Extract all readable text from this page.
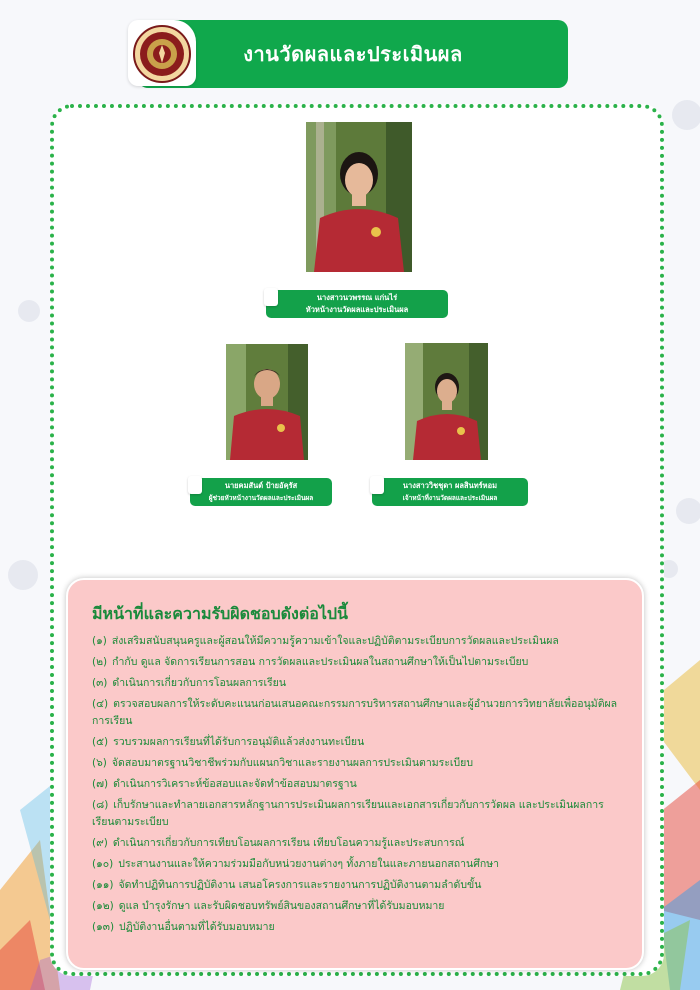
งานวัดผลและประเมินผล
นางสาวนวพรรณ แก่นไร่
หัวหน้างานวัดผลและประเมินผล
นายคมสันต์ ป้ายอัคฺรัส
ผู้ช่วยหัวหน้างานวัดผลและประเมินผล
นางสาววิชชุดา ผลสินทร์หอม
เจ้าหน้าที่งานวัดผลและประเมินผล
มีหน้าที่และความรับผิดชอบดังต่อไปนี้
(๑) ส่งเสริมสนับสนุนครูและผู้สอนให้มีความรู้ความเข้าใจและปฏิบัติตามระเบียบการวัดผลและประเมินผล
(๒) กำกับ ดูแล จัดการเรียนการสอน การวัดผลและประเมินผลในสถานศึกษาให้เป็นไปตามระเบียบ
(๓) ดำเนินการเกี่ยวกับการโอนผลการเรียน
(๔) ตรวจสอบผลการให้ระดับคะแนนก่อนเสนอคณะกรรมการบริหารสถานศึกษาและผู้อำนวยการวิทยาลัยเพื่ออนุมัติผลการเรียน
(๕) รวบรวมผลการเรียนที่ได้รับการอนุมัติแล้วส่งงานทะเบียน
(๖) จัดสอบมาตรฐานวิชาชีพร่วมกับแผนกวิชาและรายงานผลการประเมินตามระเบียบ
(๗) ดำเนินการวิเคราะห์ข้อสอบและจัดทำข้อสอบมาตรฐาน
(๘) เก็บรักษาและทำลายเอกสารหลักฐานการประเมินผลการเรียนและเอกสารเกี่ยวกับการวัดผล และประเมินผลการเรียนตามระเบียบ
(๙) ดำเนินการเกี่ยวกับการเทียบโอนผลการเรียน เทียบโอนความรู้และประสบการณ์
(๑๐) ประสานงานและให้ความร่วมมือกับหน่วยงานต่างๆ ทั้งภายในและภายนอกสถานศึกษา
(๑๑) จัดทำปฏิทินการปฏิบัติงาน เสนอโครงการและรายงานการปฏิบัติงานตามลำดับขั้น
(๑๒) ดูแล บำรุงรักษา และรับผิดชอบทรัพย์สินของสถานศึกษาที่ได้รับมอบหมาย
(๑๓) ปฏิบัติงานอื่นตามที่ได้รับมอบหมาย
